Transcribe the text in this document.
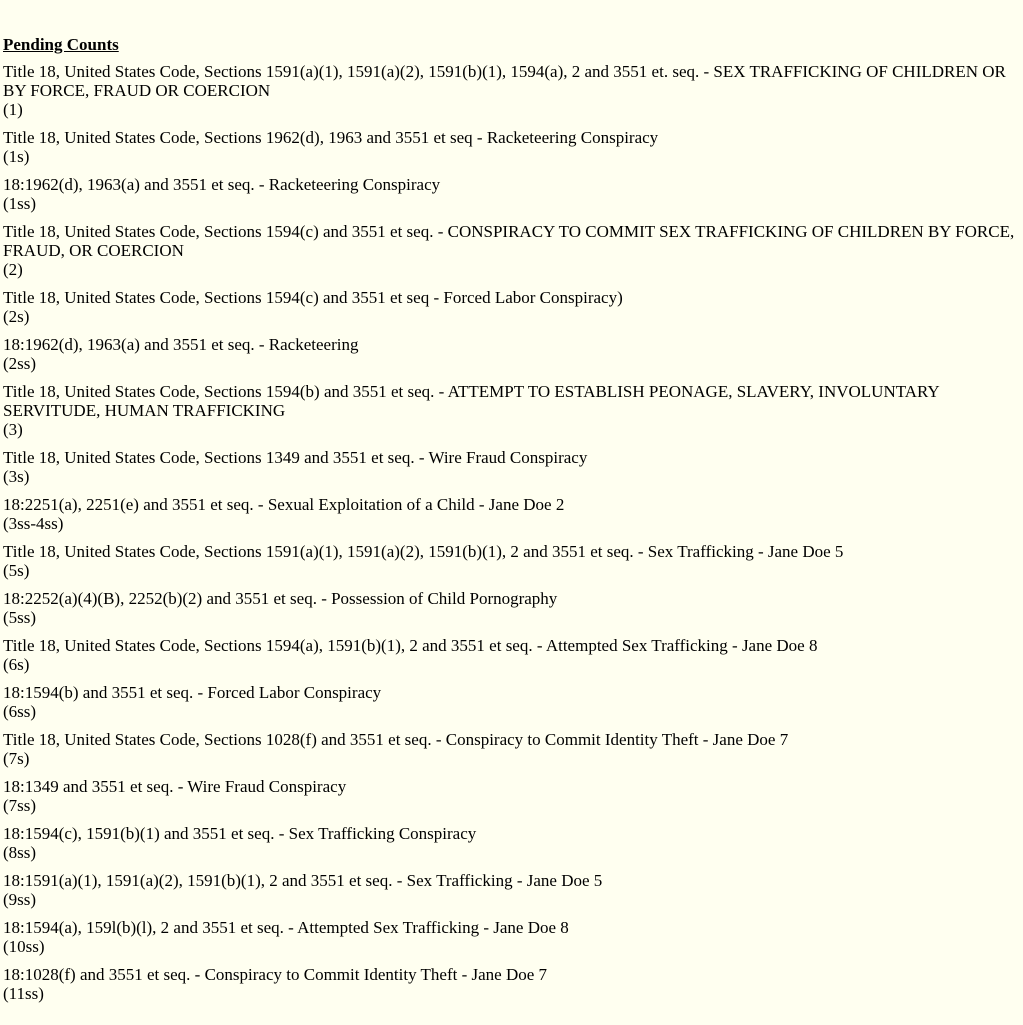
Pending Counts
Title 18, United States Code, Sections 1591(a)(1), 1591(a)(2), 1591(b)(1), 1594(a), 2 and 3551 et. seq. - SEX TRAFFICKING OF CHILDREN OR BY FORCE, FRAUD OR COERCION
(1)
Title 18, United States Code, Sections 1962(d), 1963 and 3551 et seq - Racketeering Conspiracy
(1s)
18:1962(d), 1963(a) and 3551 et seq. - Racketeering Conspiracy
(1ss)
Title 18, United States Code, Sections 1594(c) and 3551 et seq. - CONSPIRACY TO COMMIT SEX TRAFFICKING OF CHILDREN BY FORCE, FRAUD, OR COERCION
(2)
Title 18, United States Code, Sections 1594(c) and 3551 et seq - Forced Labor Conspiracy)
(2s)
18:1962(d), 1963(a) and 3551 et seq. - Racketeering
(2ss)
Title 18, United States Code, Sections 1594(b) and 3551 et seq. - ATTEMPT TO ESTABLISH PEONAGE, SLAVERY, INVOLUNTARY SERVITUDE, HUMAN TRAFFICKING
(3)
Title 18, United States Code, Sections 1349 and 3551 et seq. - Wire Fraud Conspiracy
(3s)
18:2251(a), 2251(e) and 3551 et seq. - Sexual Exploitation of a Child - Jane Doe 2
(3ss-4ss)
Title 18, United States Code, Sections 1591(a)(1), 1591(a)(2), 1591(b)(1), 2 and 3551 et seq. - Sex Trafficking - Jane Doe 5
(5s)
18:2252(a)(4)(B), 2252(b)(2) and 3551 et seq. - Possession of Child Pornography
(5ss)
Title 18, United States Code, Sections 1594(a), 1591(b)(1), 2 and 3551 et seq. - Attempted Sex Trafficking - Jane Doe 8
(6s)
18:1594(b) and 3551 et seq. - Forced Labor Conspiracy
(6ss)
Title 18, United States Code, Sections 1028(f) and 3551 et seq. - Conspiracy to Commit Identity Theft - Jane Doe 7
(7s)
18:1349 and 3551 et seq. - Wire Fraud Conspiracy
(7ss)
18:1594(c), 1591(b)(1) and 3551 et seq. - Sex Trafficking Conspiracy
(8ss)
18:1591(a)(1), 1591(a)(2), 1591(b)(1), 2 and 3551 et seq. - Sex Trafficking - Jane Doe 5
(9ss)
18:1594(a), 159l(b)(l), 2 and 3551 et seq. - Attempted Sex Trafficking - Jane Doe 8
(10ss)
18:1028(f) and 3551 et seq. - Conspiracy to Commit Identity Theft - Jane Doe 7
(11ss)
